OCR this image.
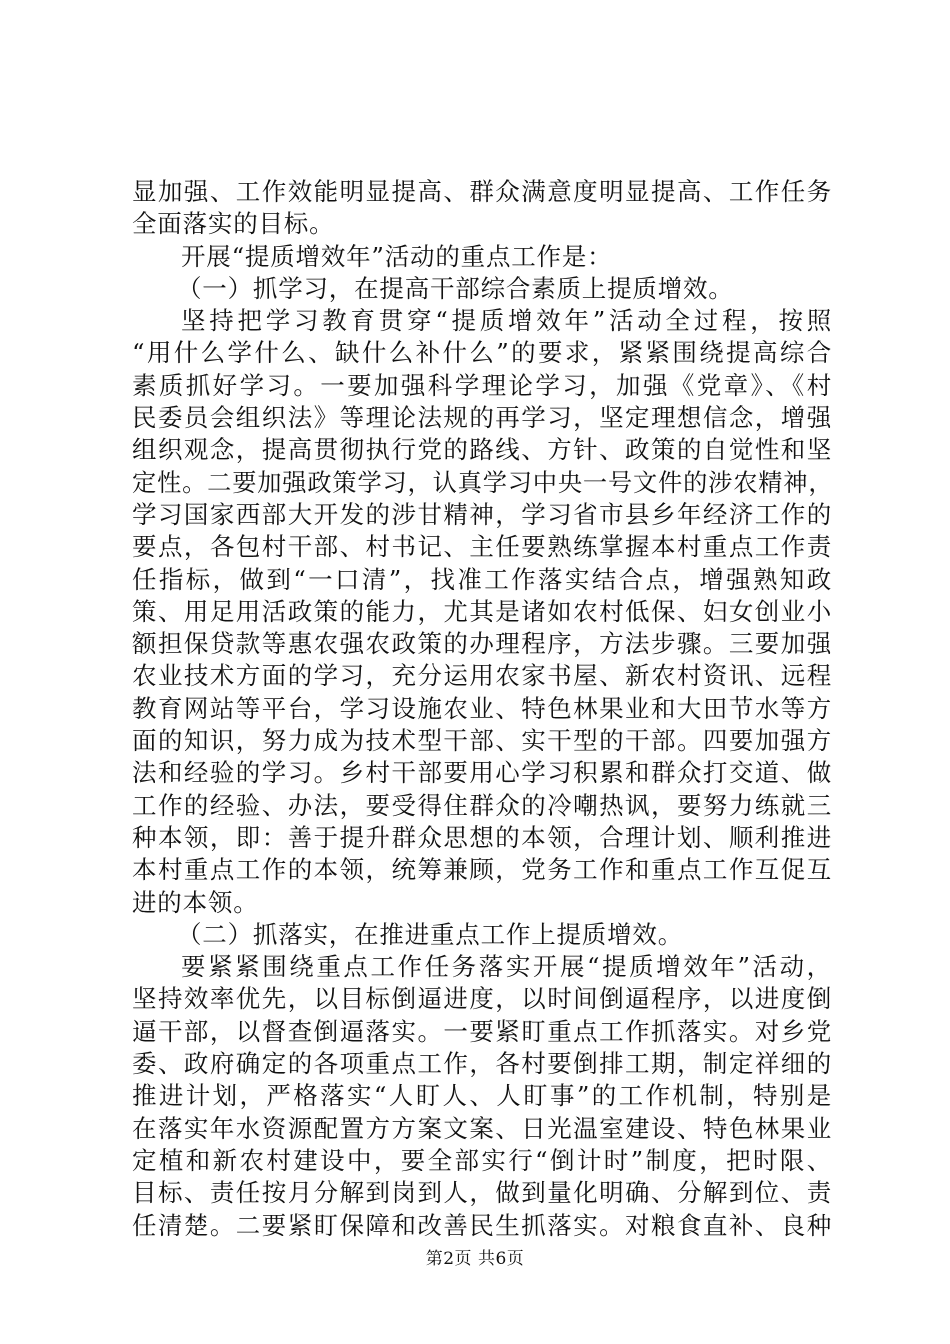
显加强、工作效能明显提高、群众满意度明显提高、工作任务
全面落实的目标。
开展“提质增效年”活动的重点工作是：
（一）抓学习，在提高干部综合素质上提质增效。
坚持把学习教育贯穿“提质增效年”活动全过程，按照
“用什么学什么、缺什么补什么”的要求，紧紧围绕提高综合
素质抓好学习。一要加强科学理论学习，加强《党章》、《村
民委员会组织法》等理论法规的再学习，坚定理想信念，增强
组织观念，提高贯彻执行党的路线、方针、政策的自觉性和坚
定性。二要加强政策学习，认真学习中央一号文件的涉农精神，
学习国家西部大开发的涉甘精神，学习省市县乡年经济工作的
要点，各包村干部、村书记、主任要熟练掌握本村重点工作责
任指标，做到“一口清”，找准工作落实结合点，增强熟知政
策、用足用活政策的能力，尤其是诸如农村低保、妇女创业小
额担保贷款等惠农强农政策的办理程序，方法步骤。三要加强
农业技术方面的学习，充分运用农家书屋、新农村资讯、远程
教育网站等平台，学习设施农业、特色林果业和大田节水等方
面的知识，努力成为技术型干部、实干型的干部。四要加强方
法和经验的学习。乡村干部要用心学习积累和群众打交道、做
工作的经验、办法，要受得住群众的冷嘲热讽，要努力练就三
种本领，即：善于提升群众思想的本领，合理计划、顺利推进
本村重点工作的本领，统筹兼顾，党务工作和重点工作互促互
进的本领。
（二）抓落实，在推进重点工作上提质增效。
要紧紧围绕重点工作任务落实开展“提质增效年”活动，
坚持效率优先，以目标倒逼进度，以时间倒逼程序，以进度倒
逼干部，以督查倒逼落实。一要紧盯重点工作抓落实。对乡党
委、政府确定的各项重点工作，各村要倒排工期，制定祥细的
推进计划，严格落实“人盯人、人盯事”的工作机制，特别是
在落实年水资源配置方方案文案、日光温室建设、特色林果业
定植和新农村建设中，要全部实行“倒计时”制度，把时限、
目标、责任按月分解到岗到人，做到量化明确、分解到位、责
任清楚。二要紧盯保障和改善民生抓落实。对粮食直补、良种
第2页 共6页
